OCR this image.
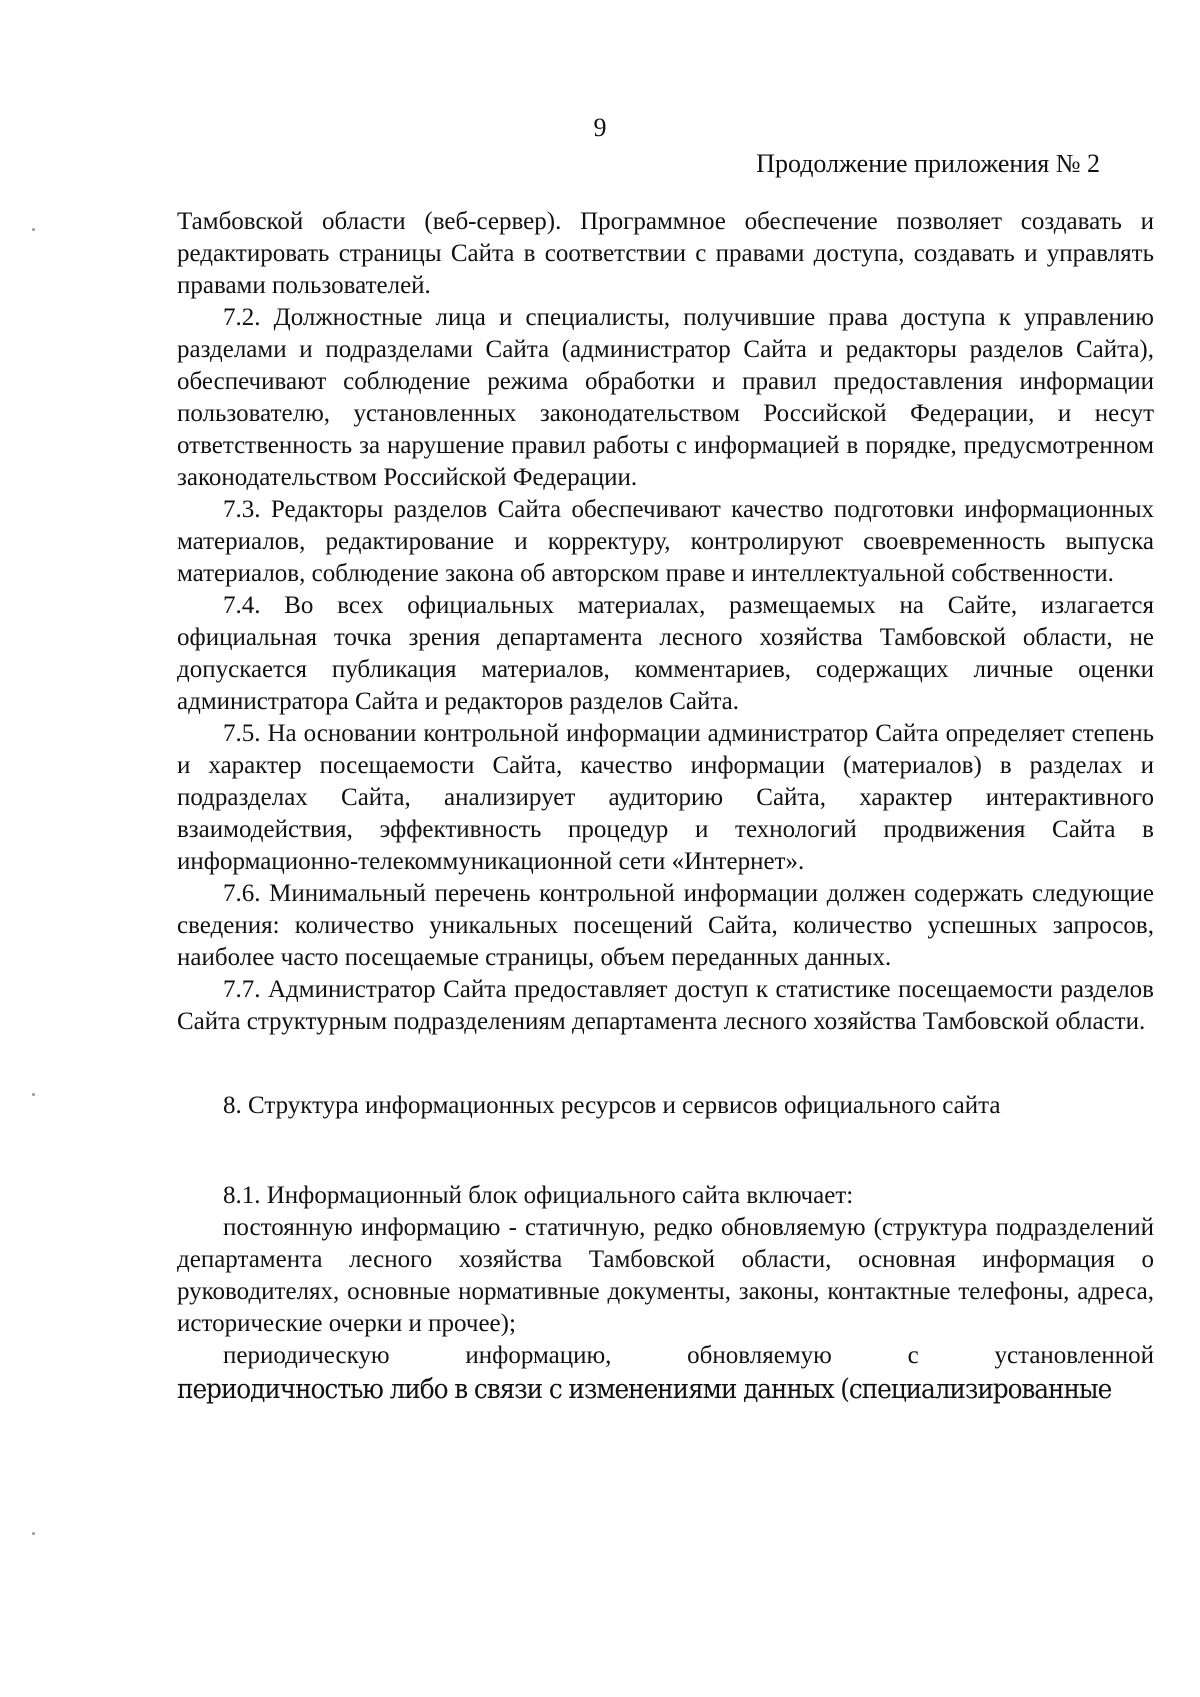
9
Продолжение приложения № 2

Тамбовской области (веб-сервер). Программное обеспечение позволяет создавать и редактировать страницы Сайта в соответствии с правами доступа, создавать и управлять правами пользователей.

7.2. Должностные лица и специалисты, получившие права доступа к управлению разделами и подразделами Сайта (администратор Сайта и редакторы разделов Сайта), обеспечивают соблюдение режима обработки и правил предоставления информации пользователю, установленных законодательством Российской Федерации, и несут ответственность за нарушение правил работы с информацией в порядке, предусмотренном законодательством Российской Федерации.

7.3. Редакторы разделов Сайта обеспечивают качество подготовки информационных материалов, редактирование и корректуру, контролируют своевременность выпуска материалов, соблюдение закона об авторском праве и интеллектуальной собственности.

7.4. Во всех официальных материалах, размещаемых на Сайте, излагается официальная точка зрения департамента лесного хозяйства Тамбовской области, не допускается публикация материалов, комментариев, содержащих личные оценки администратора Сайта и редакторов разделов Сайта.

7.5. На основании контрольной информации администратор Сайта определяет степень и характер посещаемости Сайта, качество информации (материалов) в разделах и подразделах Сайта, анализирует аудиторию Сайта, характер интерактивного взаимодействия, эффективность процедур и технологий продвижения Сайта в информационно-телекоммуникационной сети «Интернет».

7.6. Минимальный перечень контрольной информации должен содержать следующие сведения: количество уникальных посещений Сайта, количество успешных запросов, наиболее часто посещаемые страницы, объем переданных данных.

7.7. Администратор Сайта предоставляет доступ к статистике посещаемости разделов Сайта структурным подразделениям департамента лесного хозяйства Тамбовской области.

8. Структура информационных ресурсов и сервисов официального сайта

8.1. Информационный блок официального сайта включает:

постоянную информацию - статичную, редко обновляемую (структура подразделений департамента лесного хозяйства Тамбовской области, основная информация о руководителях, основные нормативные документы, законы, контактные телефоны, адреса, исторические очерки и прочее);

периодическую информацию, обновляемую с установленной

периодичностью либо в связи с изменениями данных (специализированные
